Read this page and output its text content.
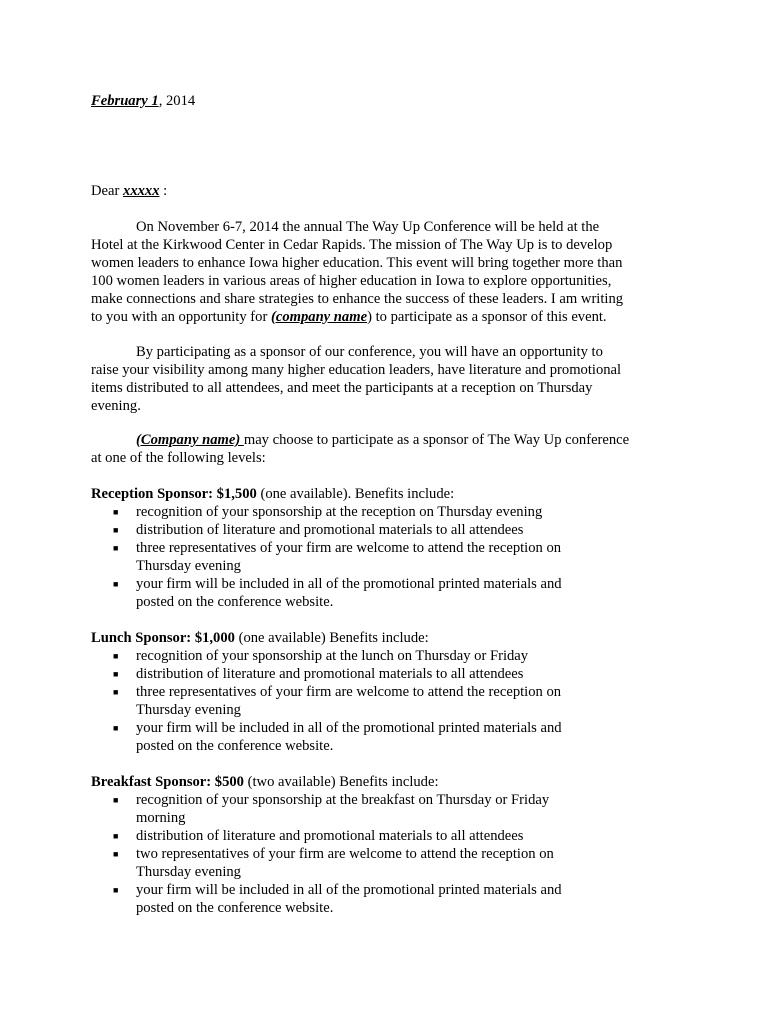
February 1, 2014

Dear xxxxx :

On November 6-7, 2014 the annual The Way Up Conference will be held at the Hotel at the Kirkwood Center in Cedar Rapids. The mission of The Way Up is to develop women leaders to enhance Iowa higher education. This event will bring together more than 100 women leaders in various areas of higher education in Iowa to explore opportunities, make connections and share strategies to enhance the success of these leaders. I am writing to you with an opportunity for (company name) to participate as a sponsor of this event.

By participating as a sponsor of our conference, you will have an opportunity to raise your visibility among many higher education leaders, have literature and promotional items distributed to all attendees, and meet the participants at a reception on Thursday evening.

(Company name) may choose to participate as a sponsor of The Way Up conference at one of the following levels:

Reception Sponsor: $1,500 (one available). Benefits include:

■ recognition of your sponsorship at the reception on Thursday evening
■ distribution of literature and promotional materials to all attendees
■ three representatives of your firm are welcome to attend the reception on Thursday evening
■ your firm will be included in all of the promotional printed materials and posted on the conference website.

Lunch Sponsor: $1,000 (one available) Benefits include:

■ recognition of your sponsorship at the lunch on Thursday or Friday
■ distribution of literature and promotional materials to all attendees
■ three representatives of your firm are welcome to attend the reception on Thursday evening
■ your firm will be included in all of the promotional printed materials and posted on the conference website.

Breakfast Sponsor: $500 (two available) Benefits include:

■ recognition of your sponsorship at the breakfast on Thursday or Friday morning
■ distribution of literature and promotional materials to all attendees
■ two representatives of your firm are welcome to attend the reception on Thursday evening
■ your firm will be included in all of the promotional printed materials and posted on the conference website.
